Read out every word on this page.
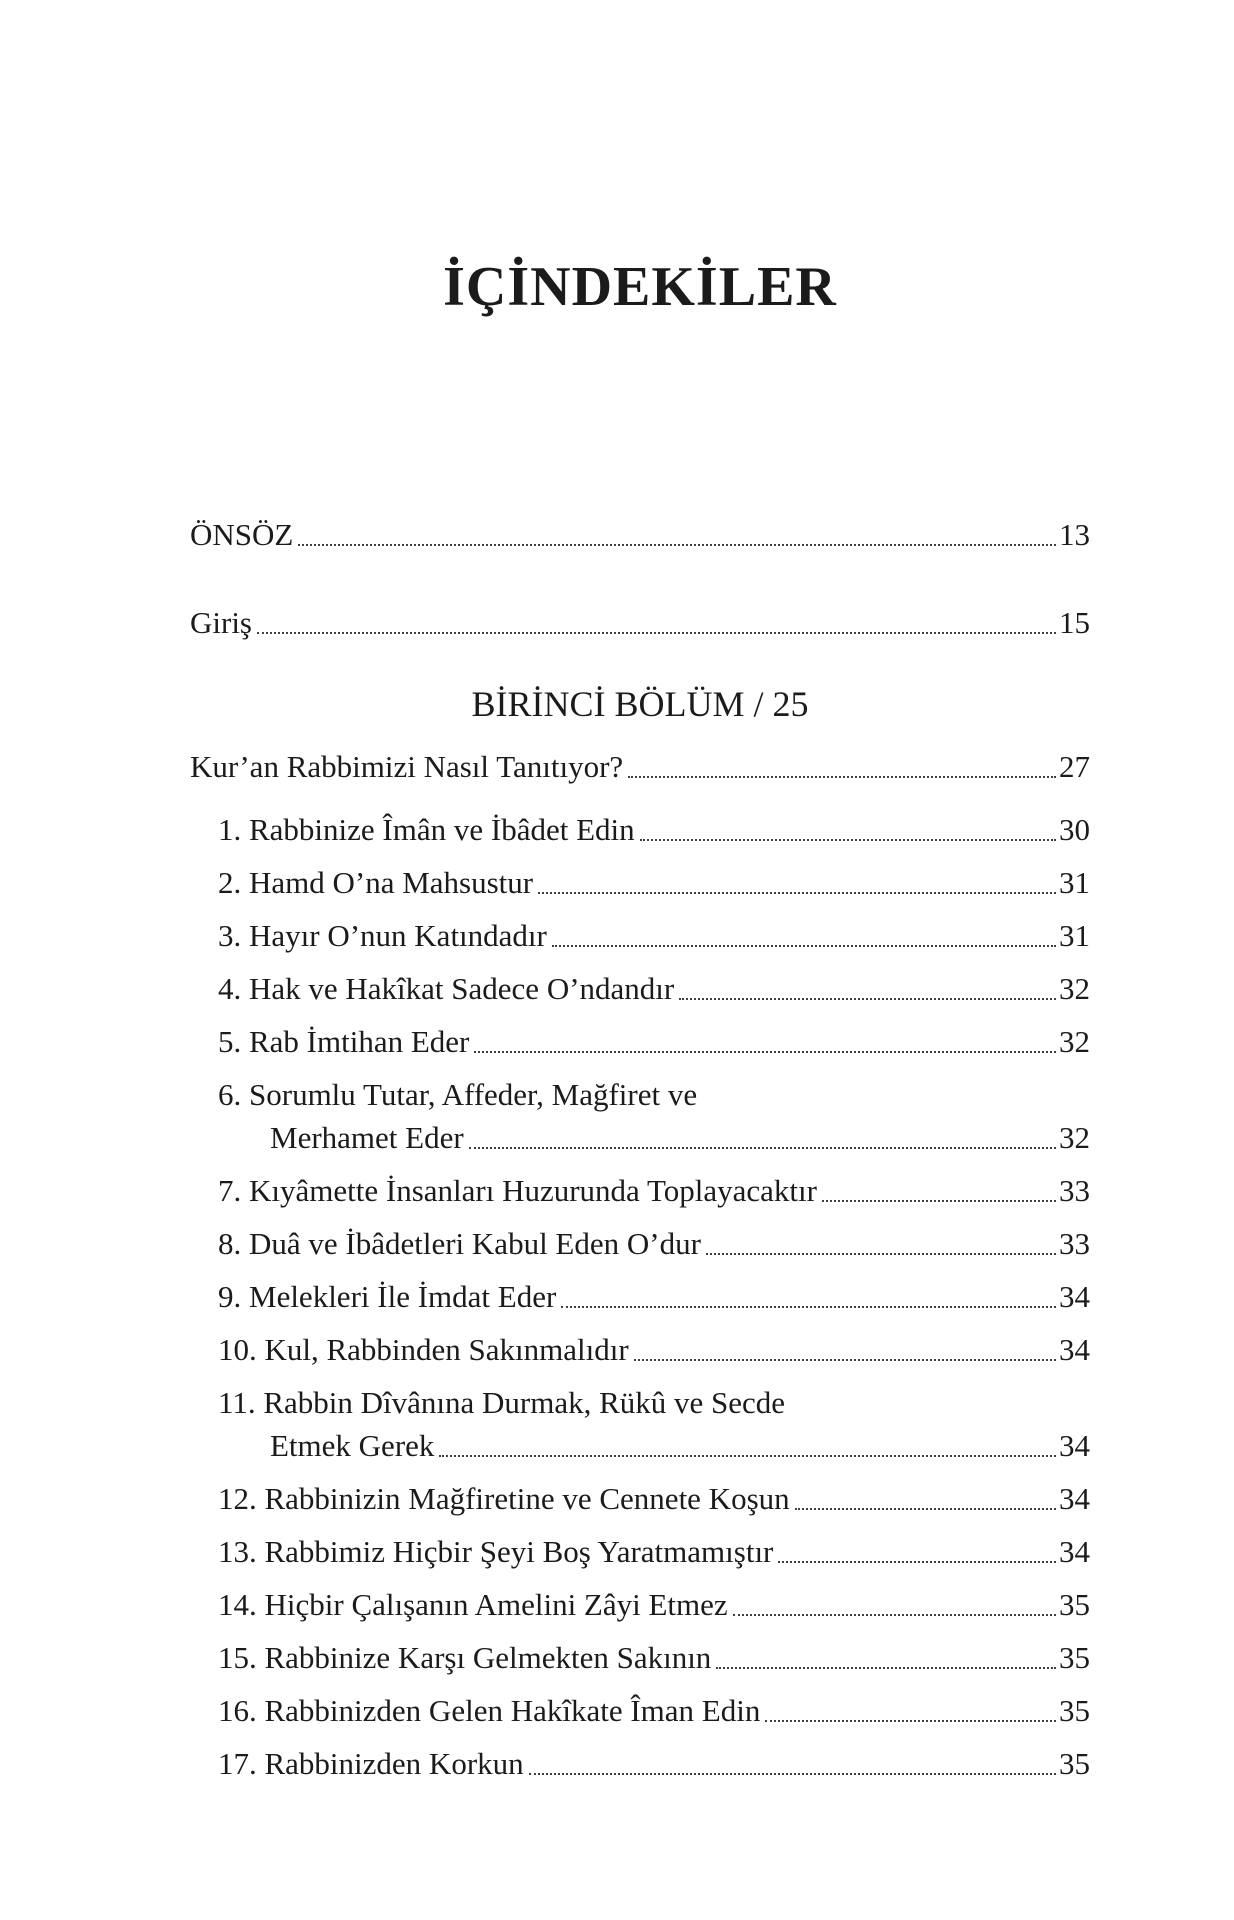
İÇİNDEKİLER
ÖNSÖZ	13
Giriş	15
BİRİNCİ BÖLÜM / 25
Kur’an Rabbimizi Nasıl Tanıtıyor?	27
1. Rabbinize Îmân ve İbâdet Edin	30
2. Hamd O’na Mahsustur	31
3. Hayır O’nun Katındadır	31
4. Hak ve Hakîkat Sadece O’ndandır	32
5. Rab İmtihan Eder	32
6. Sorumlu Tutar, Affeder, Mağfiret ve
Merhamet Eder	32
7. Kıyâmette İnsanları Huzurunda Toplayacaktır	33
8. Duâ ve İbâdetleri Kabul Eden O’dur	33
9. Melekleri İle İmdat Eder	34
10. Kul, Rabbinden Sakınmalıdır	34
11. Rabbin Dîvânına Durmak, Rükû ve Secde
Etmek Gerek	34
12. Rabbinizin Mağfiretine ve Cennete Koşun	34
13. Rabbimiz Hiçbir Şeyi Boş Yaratmamıştır	34
14. Hiçbir Çalışanın Amelini Zâyi Etmez	35
15. Rabbinize Karşı Gelmekten Sakının	35
16. Rabbinizden Gelen Hakîkate Îman Edin	35
17. Rabbinizden Korkun	35
